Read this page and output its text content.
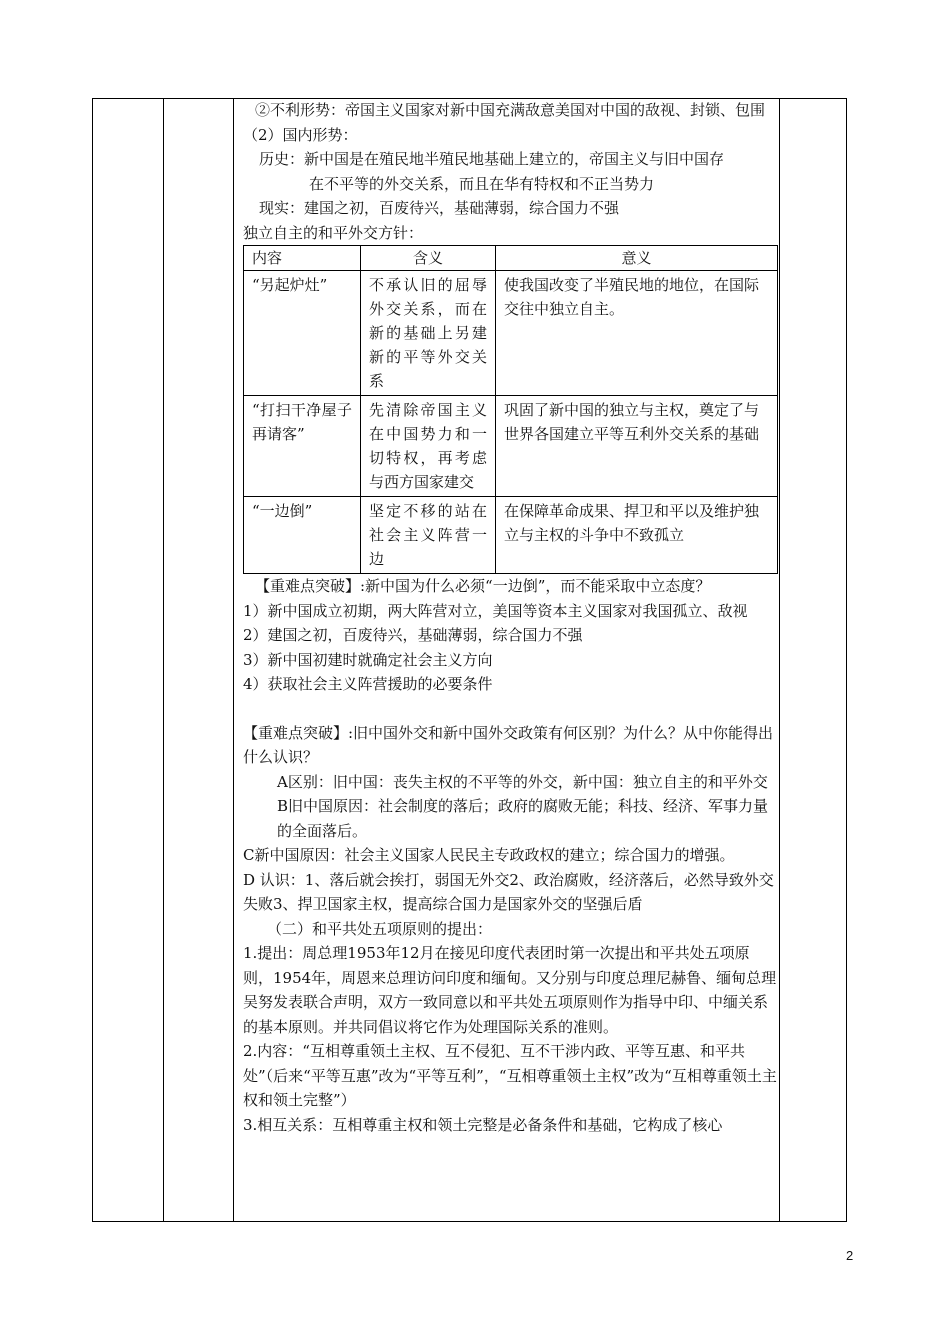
②不利形势：帝国主义国家对新中国充满敌意美国对中国的敌视、封锁、包围

（2）国内形势：

历史：新中国是在殖民地半殖民地基础上建立的，帝国主义与旧中国存

在不平等的外交关系，而且在华有特权和不正当势力

现实：建国之初，百废待兴，基础薄弱，综合国力不强

独立自主的和平外交方针：

内容	含义	意义
“另起炉灶”	不承认旧的屈辱外交关系，而在新的基础上另建新的平等外交关系	使我国改变了半殖民地的地位，在国际交往中独立自主。
“打扫干净屋子再请客”	先清除帝国主义在中国势力和一切特权，再考虑与西方国家建交	巩固了新中国的独立与主权，奠定了与世界各国建立平等互利外交关系的基础
“一边倒”	坚定不移的站在社会主义阵营一边	在保障革命成果、捍卫和平以及维护独立与主权的斗争中不致孤立

【重难点突破】:新中国为什么必须“一边倒”，而不能采取中立态度？

1）新中国成立初期，两大阵营对立，美国等资本主义国家对我国孤立、敌视

2）建国之初，百废待兴，基础薄弱，综合国力不强

3）新中国初建时就确定社会主义方向

4）获取社会主义阵营援助的必要条件

【重难点突破】:旧中国外交和新中国外交政策有何区别？为什么？从中你能得出什么认识？

A区别：旧中国：丧失主权的不平等的外交，新中国：独立自主的和平外交

B旧中国原因：社会制度的落后；政府的腐败无能；科技、经济、军事力量的全面落后。

C新中国原因：社会主义国家人民民主专政政权的建立；综合国力的增强。

D 认识：1、落后就会挨打，弱国无外交2、政治腐败，经济落后，必然导致外交失败3、捍卫国家主权，提高综合国力是国家外交的坚强后盾

（二）和平共处五项原则的提出：

1.提出：周总理1953年12月在接见印度代表团时第一次提出和平共处五项原则，1954年，周恩来总理访问印度和缅甸。又分别与印度总理尼赫鲁、缅甸总理吴努发表联合声明，双方一致同意以和平共处五项原则作为指导中印、中缅关系的基本原则。并共同倡议将它作为处理国际关系的准则。

2.内容：“互相尊重领土主权、互不侵犯、互不干涉内政、平等互惠、和平共处”（后来“平等互惠”改为“平等互利”，“互相尊重领土主权”改为“互相尊重领土主权和领土完整”）

3.相互关系：互相尊重主权和领土完整是必备条件和基础，它构成了核心

2
